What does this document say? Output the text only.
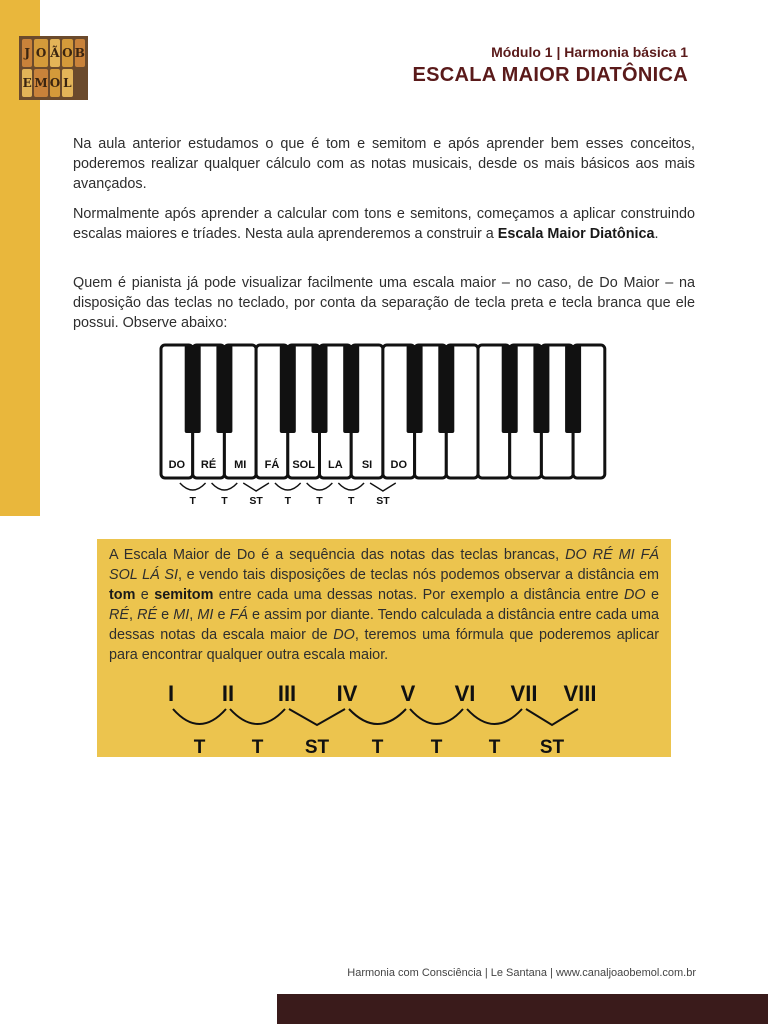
J O Ã O B
E M O L
Módulo 1 | Harmonia básica 1
ESCALA MAIOR DIATÔNICA

Na aula anterior estudamos o que é tom e semitom e após aprender bem esses conceitos, poderemos realizar qualquer cálculo com as notas musicais, desde os mais básicos aos mais avançados.

Normalmente após aprender a calcular com tons e semitons, começamos a aplicar construindo escalas maiores e tríades. Nesta aula aprenderemos a construir a Escala Maior Diatônica.

Quem é pianista já pode visualizar facilmente uma escala maior – no caso, de Do Maior – na disposição das teclas no teclado, por conta da separação de tecla preta e tecla branca que ele possui. Observe abaixo:

DO RÉ MI FÁ SOL LA SI DO
T T ST T T T ST

A Escala Maior de Do é a sequência das notas das teclas brancas, DO RÉ MI FÁ SOL LÁ SI, e vendo tais disposições de teclas nós podemos observar a distância em tom e semitom entre cada uma dessas notas. Por exemplo a distância entre DO e RÉ, RÉ e MI, MI e FÁ e assim por diante. Tendo calculada a distância entre cada uma dessas notas da escala maior de DO, teremos uma fórmula que poderemos aplicar para encontrar qualquer outra escala maior.

I II III IV V VI VII VIII
T T ST T T T ST
Harmonia com Consciência | Le Santana | www.canaljoaobemol.com.br
